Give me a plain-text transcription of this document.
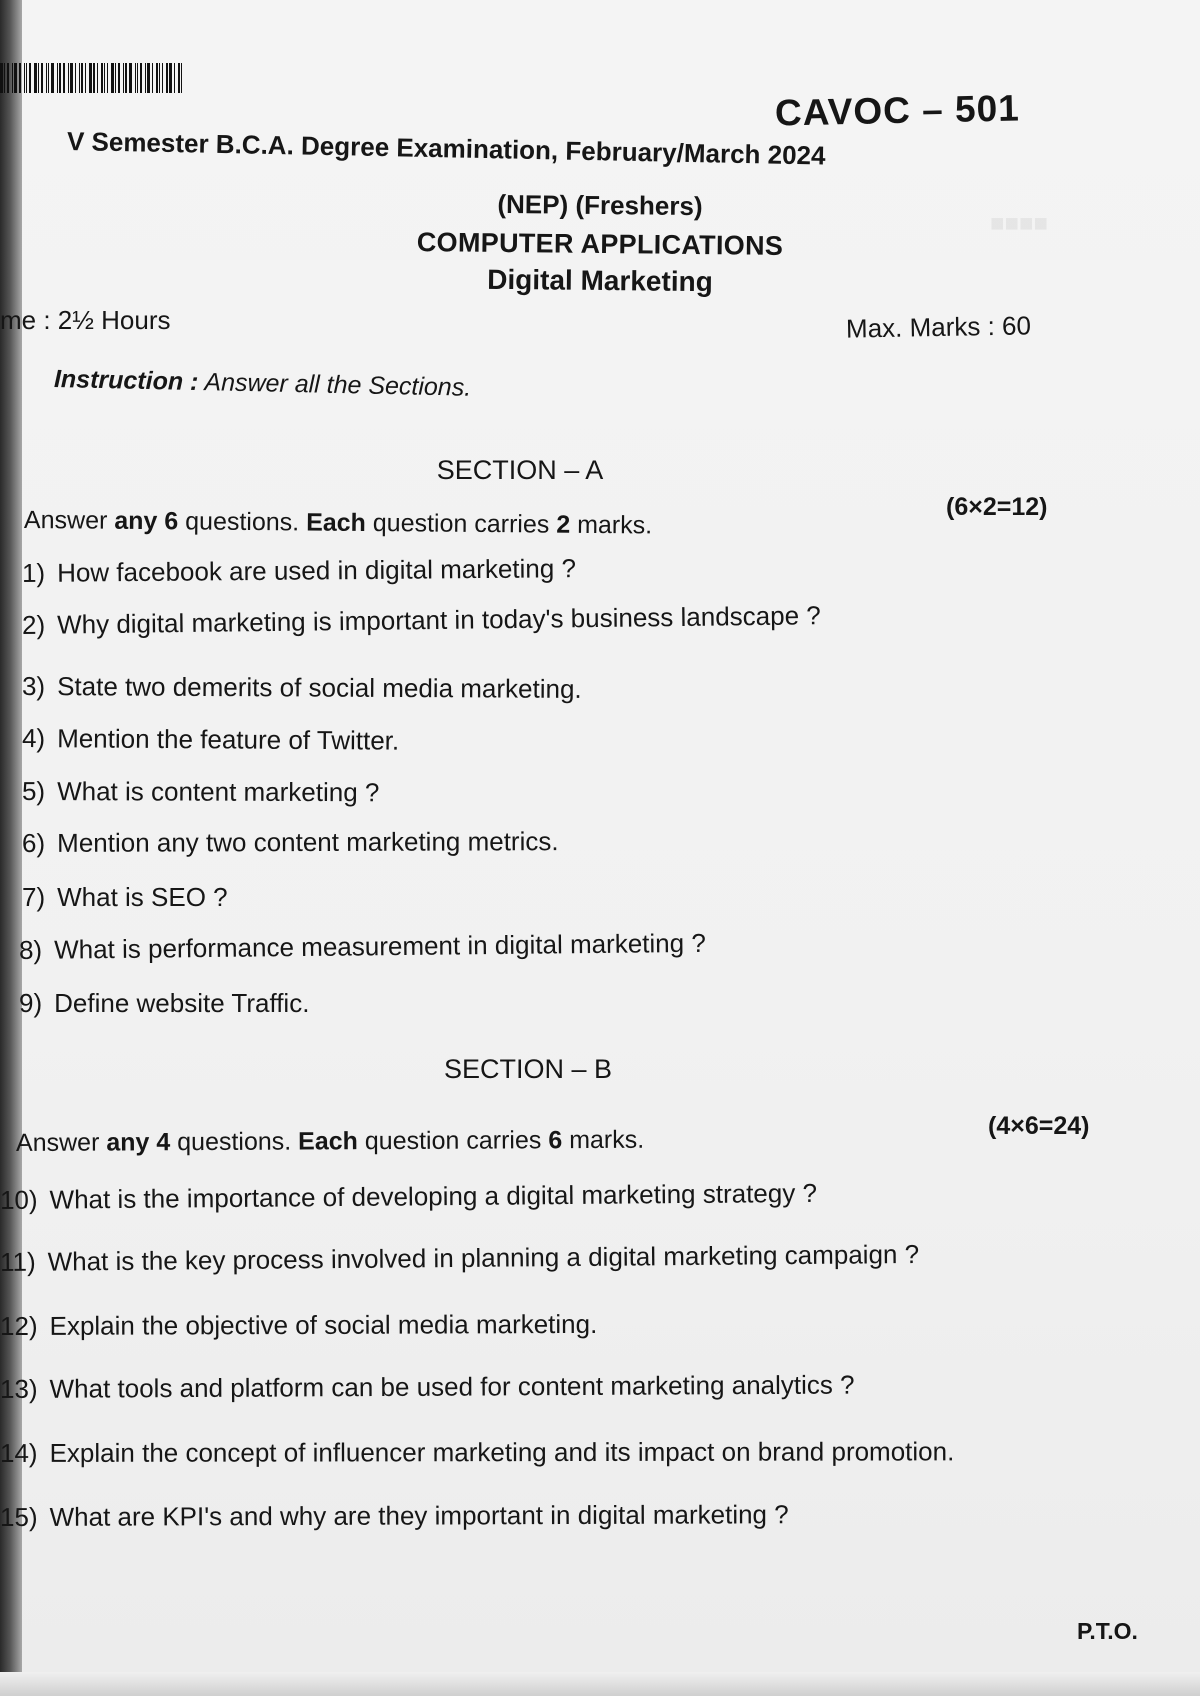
■■■■
CAVOC – 501
V Semester B.C.A. Degree Examination, February/March 2024
(NEP) (Freshers)
COMPUTER APPLICATIONS
Digital Marketing
me : 2½ Hours	Max. Marks : 60
Instruction : Answer all the Sections.
SECTION – A
Answer any 6 questions. Each question carries 2 marks.
(6×2=12)
1) How facebook are used in digital marketing ?
2) Why digital marketing is important in today's business landscape ?
3) State two demerits of social media marketing.
4) Mention the feature of Twitter.
5) What is content marketing ?
6) Mention any two content marketing metrics.
7) What is SEO ?
8) What is performance measurement in digital marketing ?
9) Define website Traffic.
SECTION – B
Answer any 4 questions. Each question carries 6 marks.	(4×6=24)
10) What is the importance of developing a digital marketing strategy ?
11) What is the key process involved in planning a digital marketing campaign ?
12) Explain the objective of social media marketing.
13) What tools and platform can be used for content marketing analytics ?
14) Explain the concept of influencer marketing and its impact on brand promotion.
15) What are KPI's and why are they important in digital marketing ?
P.T.O.
